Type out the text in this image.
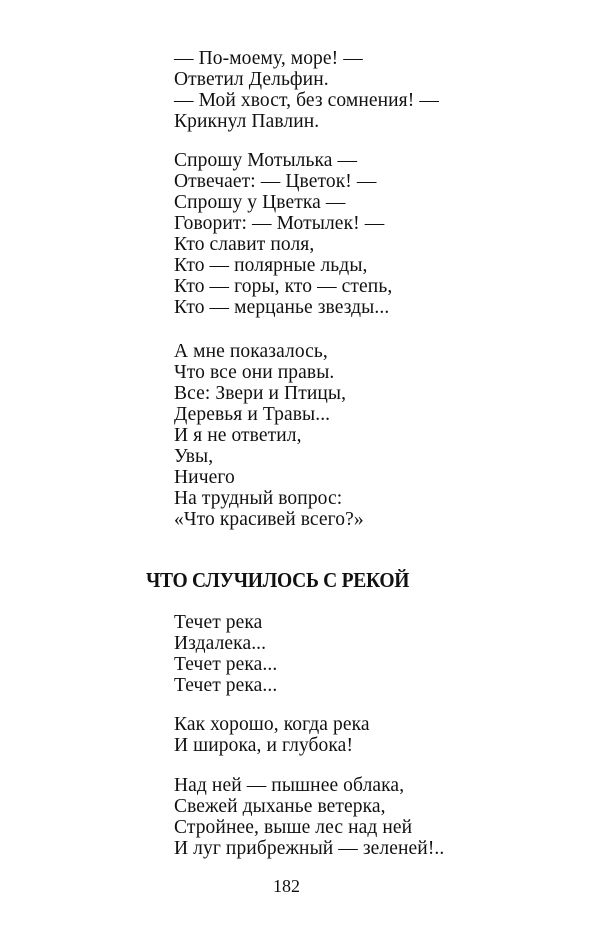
— По-моему, море! —
Ответил Дельфин.
— Мой хвост, без сомнения! —
Крикнул Павлин.
Спрошу Мотылька —
Отвечает: — Цветок! —
Спрошу у Цветка —
Говорит: — Мотылек! —
Кто славит поля,
Кто — полярные льды,
Кто — горы, кто — степь,
Кто — мерцанье звезды...
А мне показалось,
Что все они правы.
Все: Звери и Птицы,
Деревья и Травы...
И я не ответил,
Увы,
Ничего
На трудный вопрос:
«Что красивей всего?»
ЧТО СЛУЧИЛОСЬ С РЕКОЙ
Течет река
Издалека...
Течет река...
Течет река...
Как хорошо, когда река
И широка, и глубока!
Над ней — пышнее облака,
Свежей дыханье ветерка,
Стройнее, выше лес над ней
И луг прибрежный — зеленей!..
182
